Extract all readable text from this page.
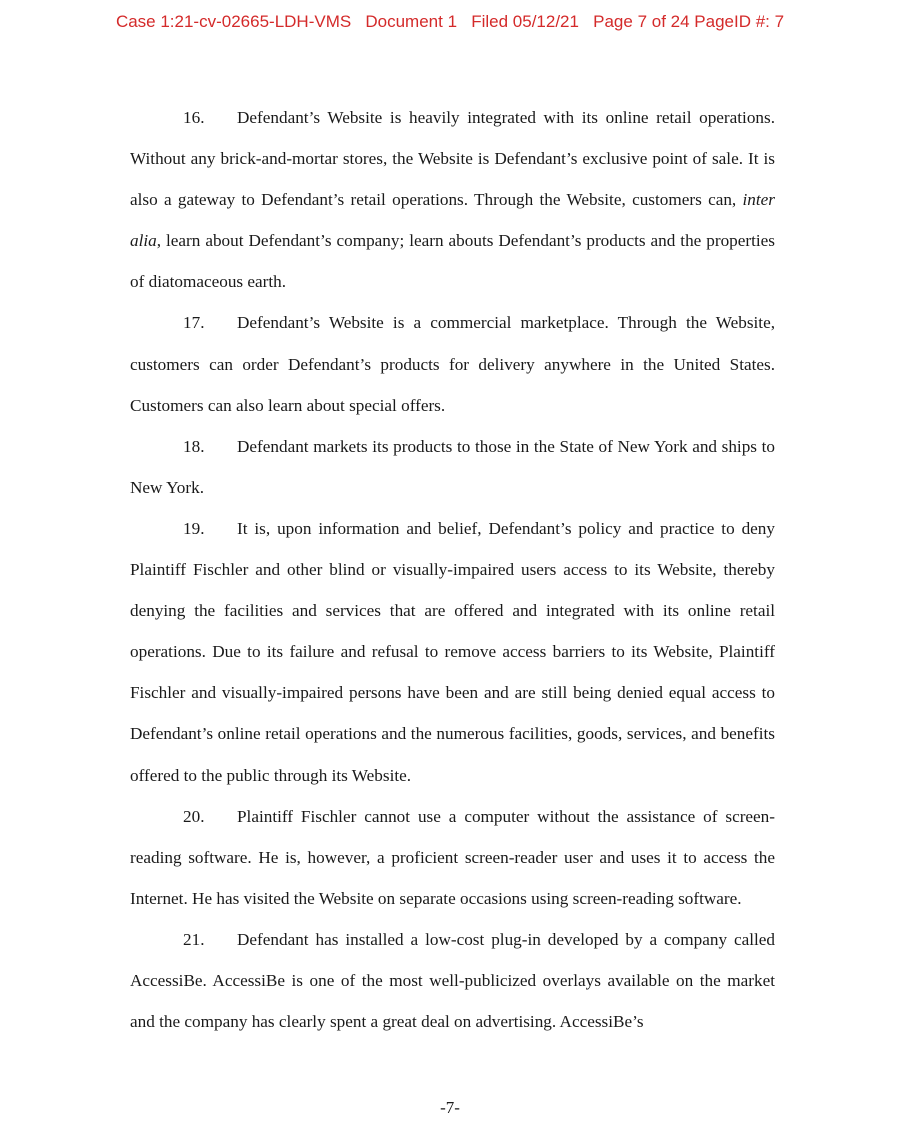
Case 1:21-cv-02665-LDH-VMS Document 1 Filed 05/12/21 Page 7 of 24 PageID #: 7

16. Defendant’s Website is heavily integrated with its online retail operations. Without any brick-and-mortar stores, the Website is Defendant’s exclusive point of sale. It is also a gateway to Defendant’s retail operations. Through the Website, customers can, inter alia, learn about Defendant’s company; learn abouts Defendant’s products and the properties of diatomaceous earth.

17. Defendant’s Website is a commercial marketplace. Through the Website, customers can order Defendant’s products for delivery anywhere in the United States. Customers can also learn about special offers.

18. Defendant markets its products to those in the State of New York and ships to New York.

19. It is, upon information and belief, Defendant’s policy and practice to deny Plaintiff Fischler and other blind or visually-impaired users access to its Website, thereby denying the facilities and services that are offered and integrated with its online retail operations. Due to its failure and refusal to remove access barriers to its Website, Plaintiff Fischler and visually-impaired persons have been and are still being denied equal access to Defendant’s online retail operations and the numerous facilities, goods, services, and benefits offered to the public through its Website.

20. Plaintiff Fischler cannot use a computer without the assistance of screen-reading software. He is, however, a proficient screen-reader user and uses it to access the Internet. He has visited the Website on separate occasions using screen-reading software.

21. Defendant has installed a low-cost plug-in developed by a company called AccessiBe. AccessiBe is one of the most well-publicized overlays available on the market and the company has clearly spent a great deal on advertising. AccessiBe’s

-7-
